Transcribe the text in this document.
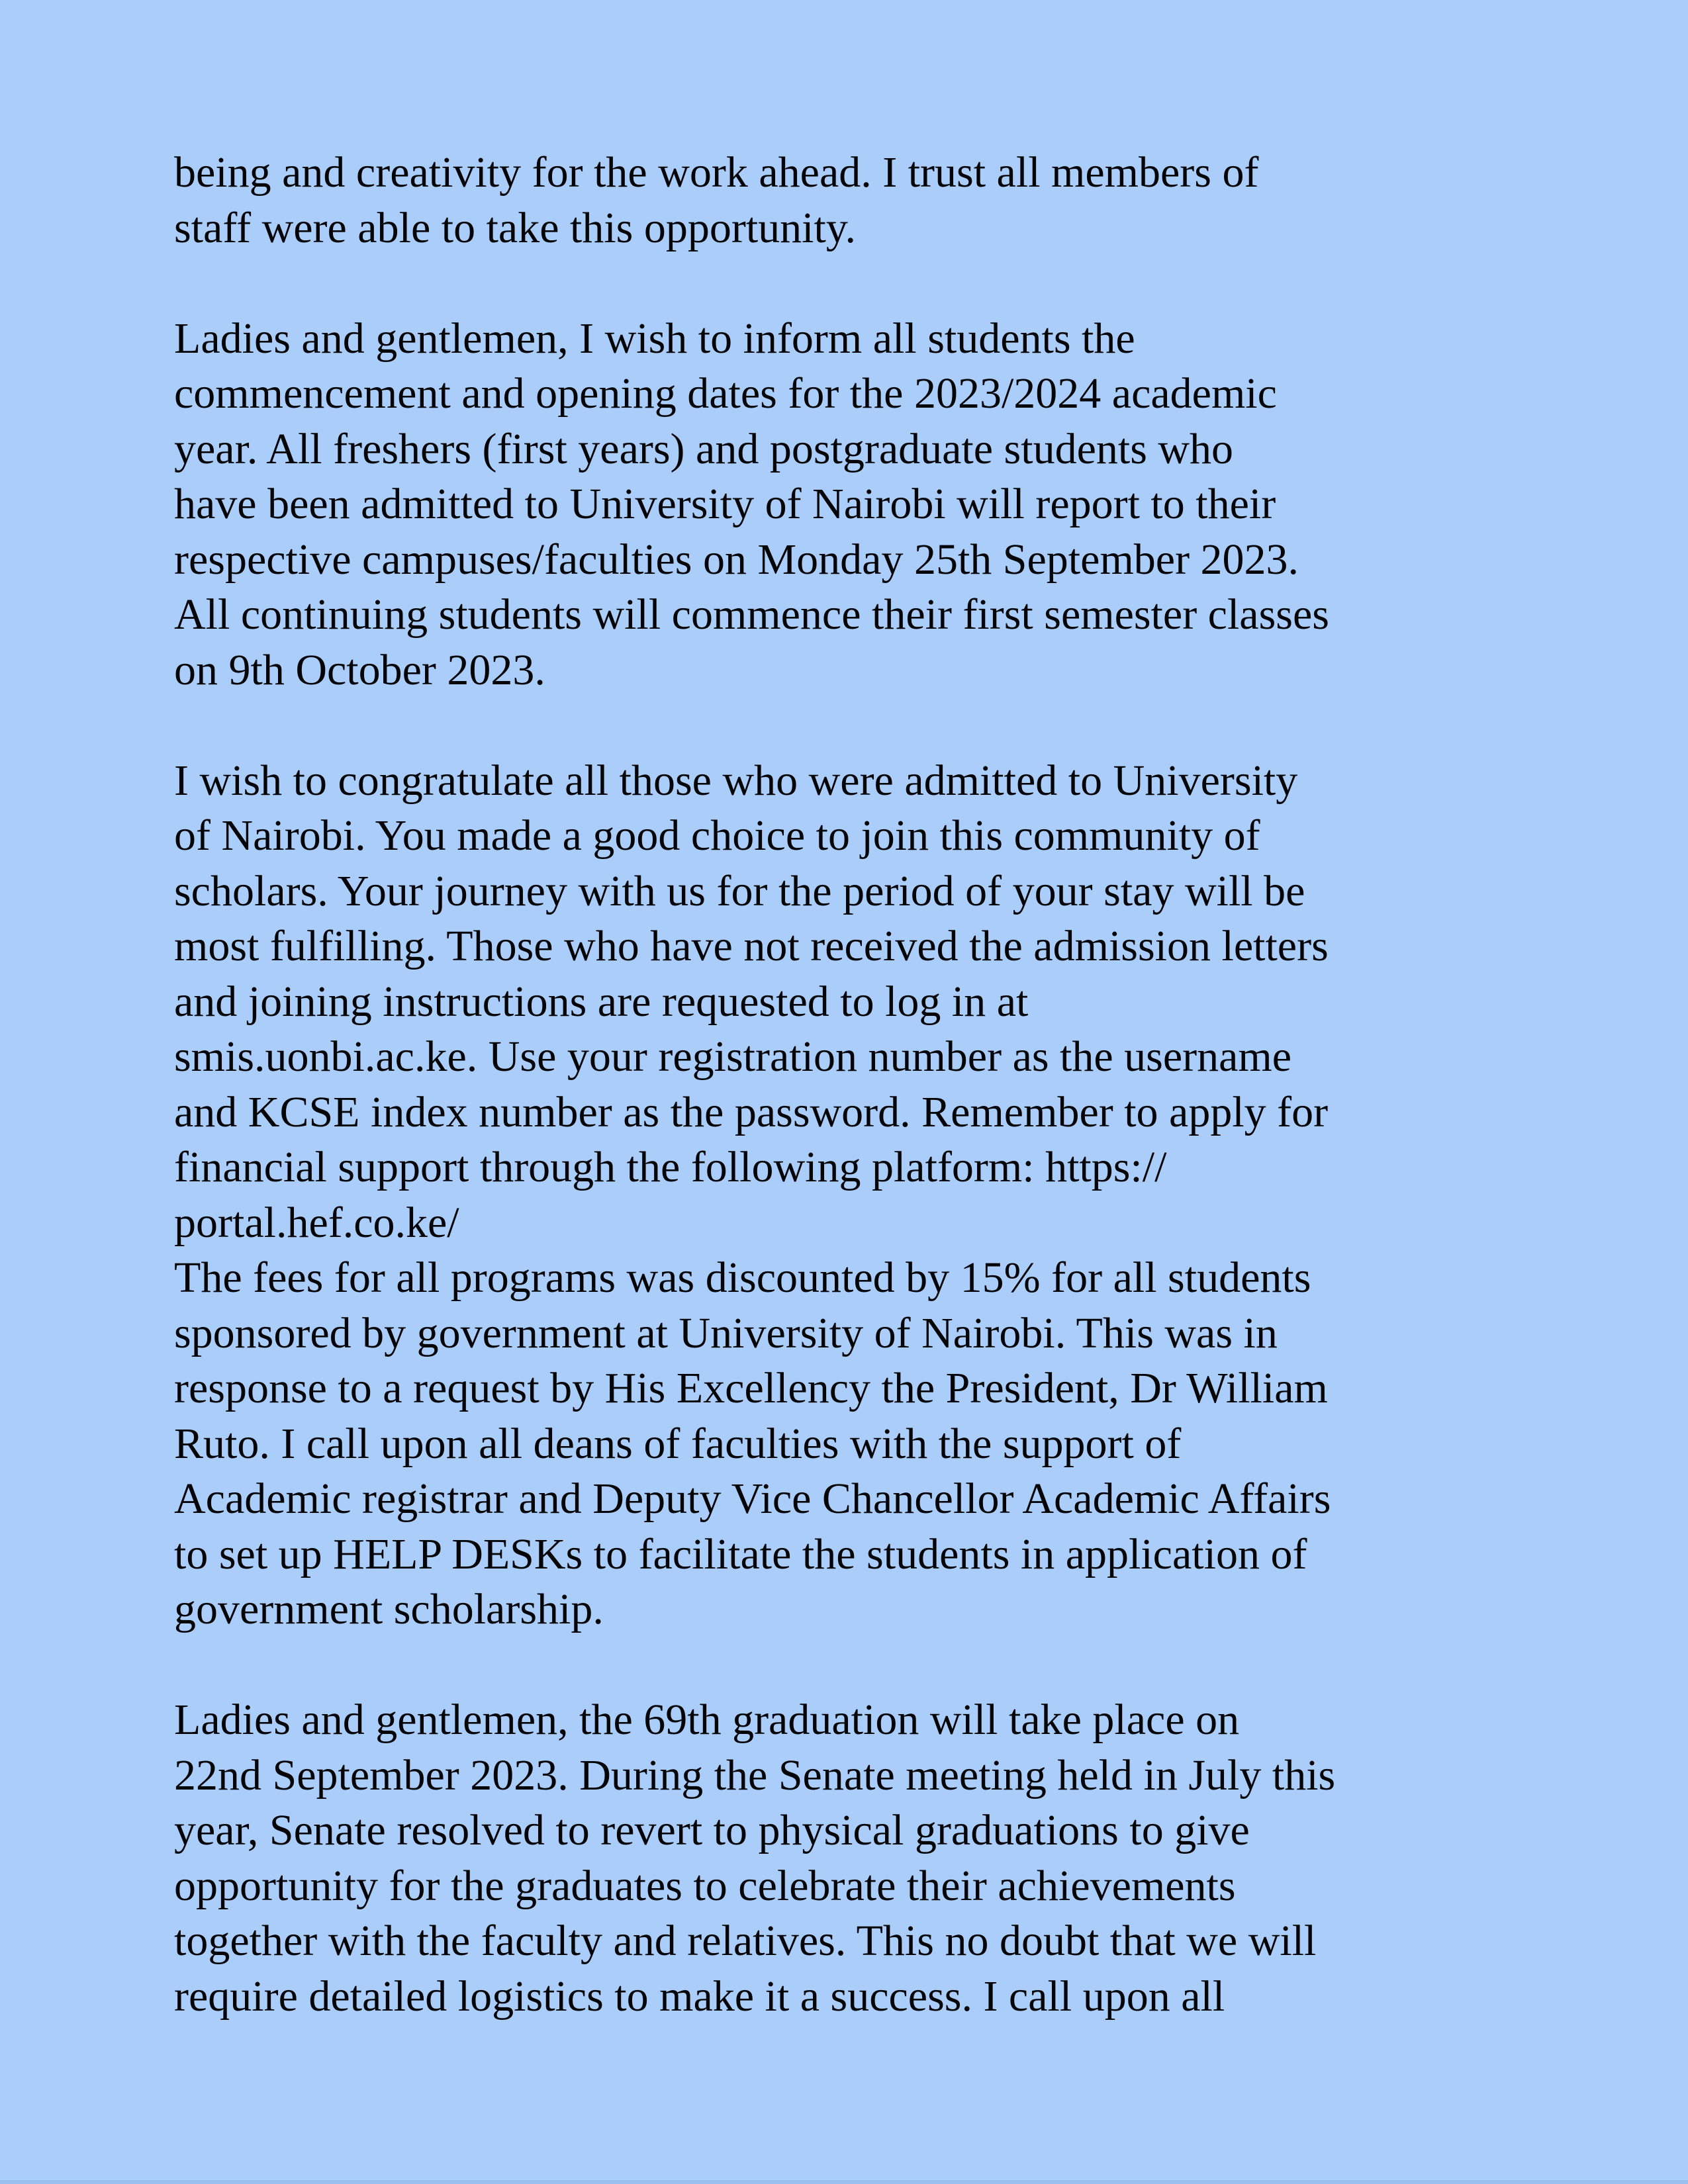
being and creativity for the work ahead. I trust all members of
staff were able to take this opportunity.
Ladies and gentlemen, I wish to inform all students the
commencement and opening dates for the 2023/2024 academic
year. All freshers (first years) and postgraduate students who
have been admitted to University of Nairobi will report to their
respective campuses/faculties on Monday 25th September 2023.
All continuing students will commence their first semester classes
on 9th October 2023.
I wish to congratulate all those who were admitted to University
of Nairobi. You made a good choice to join this community of
scholars. Your journey with us for the period of your stay will be
most fulfilling. Those who have not received the admission letters
and joining instructions are requested to log in at
smis.uonbi.ac.ke. Use your registration number as the username
and KCSE index number as the password. Remember to apply for
financial support through the following platform: https://
portal.hef.co.ke/
The fees for all programs was discounted by 15% for all students
sponsored by government at University of Nairobi. This was in
response to a request by His Excellency the President, Dr William
Ruto. I call upon all deans of faculties with the support of
Academic registrar and Deputy Vice Chancellor Academic Affairs
to set up HELP DESKs to facilitate the students in application of
government scholarship.
Ladies and gentlemen, the 69th graduation will take place on
22nd September 2023. During the Senate meeting held in July this
year, Senate resolved to revert to physical graduations to give
opportunity for the graduates to celebrate their achievements
together with the faculty and relatives. This no doubt that we will
require detailed logistics to make it a success. I call upon all
